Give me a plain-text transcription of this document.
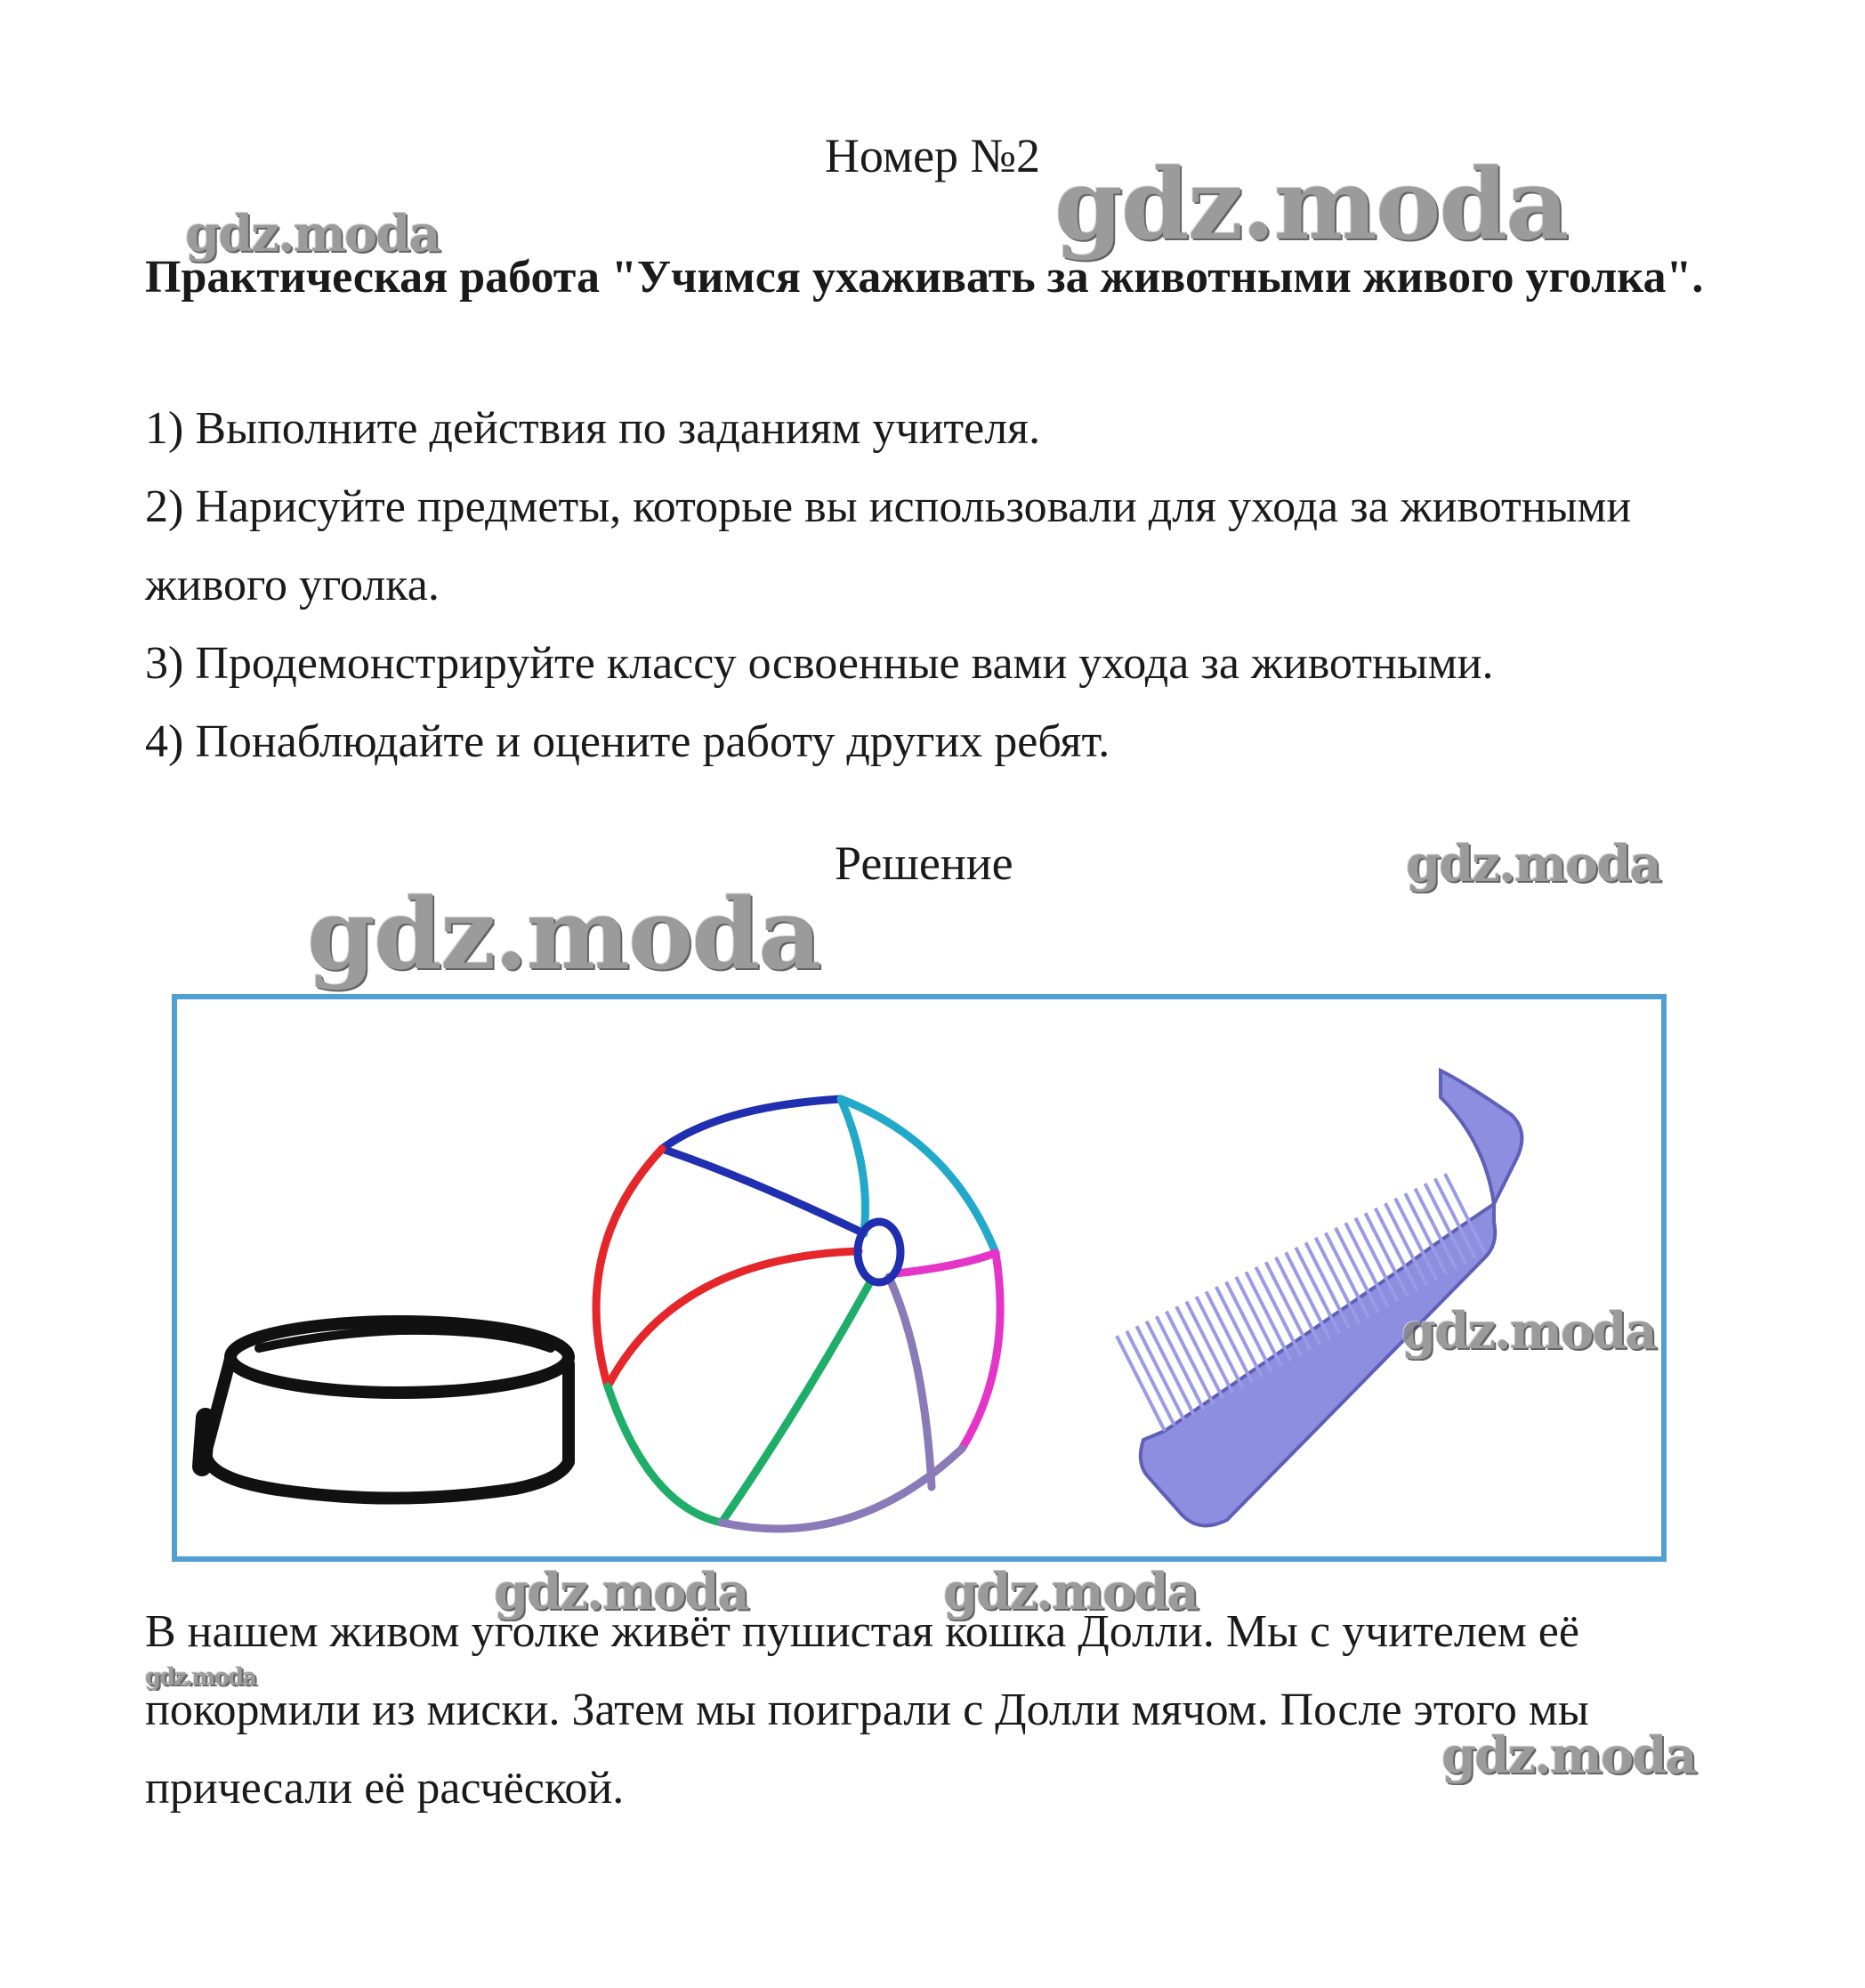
Номер №2 gdz.moda
gdz.moda
Практическая работа "Учимся ухаживать за животными живого уголка".
1) Выполните действия по заданиям учителя.
2) Нарисуйте предметы, которые вы использовали для ухода за животными живого уголка.
3) Продемонстрируйте классу освоенные вами ухода за животными.
4) Понаблюдайте и оцените работу других ребят.
Решение	gdz.moda
gdz.moda
gdz.moda
gdz.moda	gdz.moda
В нашем живом уголке живёт пушистая кошка Долли. Мы с учителем её покормили из миски. Затем мы поиграли с Долли мячом. После этого мы причесали её расчёской.
gdz.moda
gdz.moda
